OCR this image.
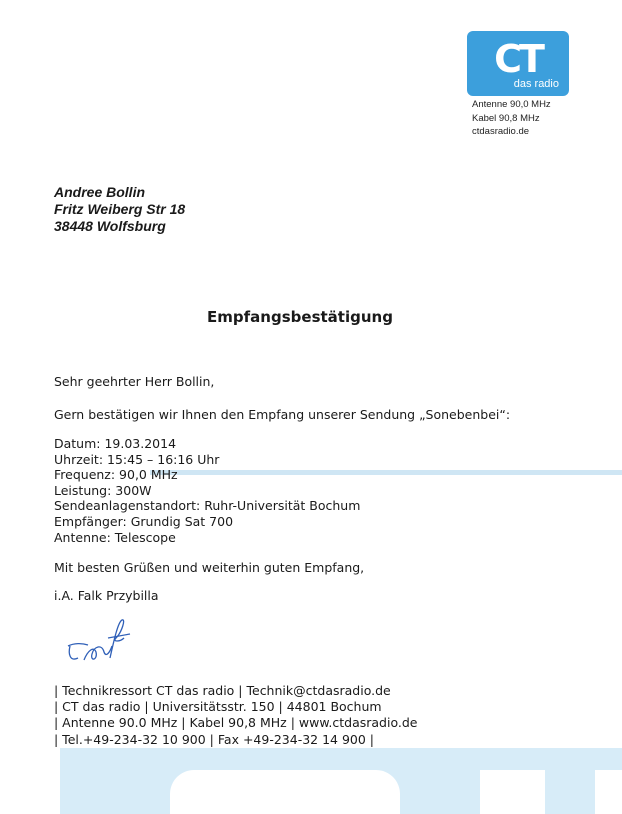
CT
das radio
Antenne 90,0 MHz
Kabel 90,8 MHz
ctdasradio.de
Andree Bollin
Fritz Weiberg Str 18
38448 Wolfsburg
Empfangsbestätigung
Sehr geehrter Herr Bollin,
Gern bestätigen wir Ihnen den Empfang unserer Sendung „Sonebenbei“:
Datum: 19.03.2014
Uhrzeit: 15:45 – 16:16 Uhr
Frequenz: 90,0 MHz
Leistung: 300W
Sendeanlagenstandort: Ruhr-Universität Bochum
Empfänger: Grundig Sat 700
Antenne: Telescope
Mit besten Grüßen und weiterhin guten Empfang,
i.A. Falk Przybilla
| Technikressort CT das radio | Technik@ctdasradio.de
| CT das radio | Universitätsstr. 150 | 44801 Bochum
| Antenne 90.0 MHz | Kabel 90,8 MHz | www.ctdasradio.de
| Tel.+49-234-32 10 900 | Fax +49-234-32 14 900 |
